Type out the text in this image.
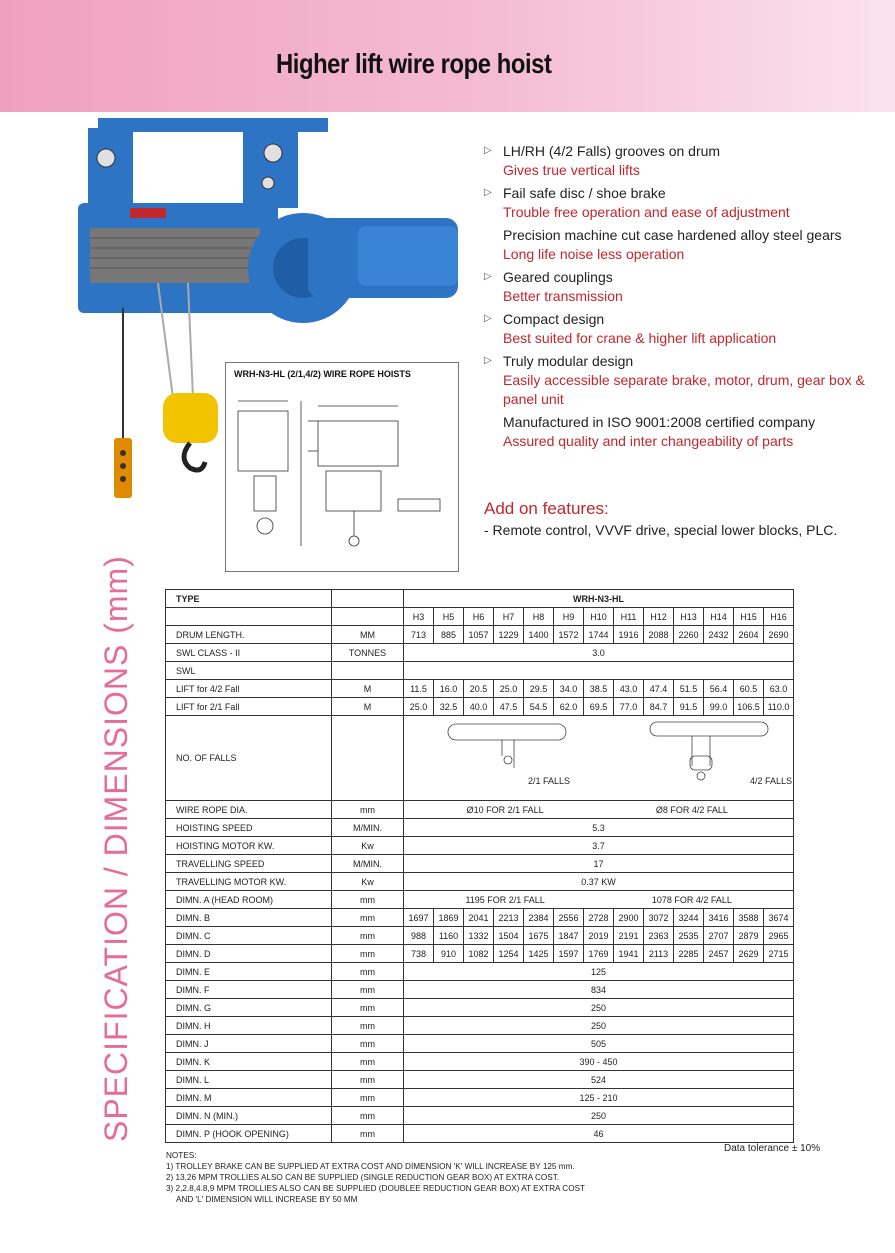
Higher lift wire rope hoist
WRH-N3-HL (2/1,4/2) WIRE ROPE HOISTS
▷ LH/RH (4/2 Falls) grooves on drum
Gives true vertical lifts
▷ Fail safe disc / shoe brake
Trouble free operation and ease of adjustment
Precision machine cut case hardened alloy steel gears
Long life noise less operation
▷ Geared couplings
Better transmission
▷ Compact design
Best suited for crane & higher lift application
▷ Truly modular design
Easily accessible separate brake, motor, drum, gear box & panel unit
Manufactured in ISO 9001:2008 certified company
Assured quality and inter changeability of parts
Add on features:
- Remote control, VVVF drive, special lower blocks, PLC.
SPECIFICATION / DIMENSIONS (mm)	TYPE		WRH-N3-HL												
		H3	H5	H6	H7	H8	H9	H10	H11	H12	H13	H14	H15	H16
DRUM LENGTH.	MM	713	885	1057	1229	1400	1572	1744	1916	2088	2260	2432	2604	2690
SWL CLASS - II	TONNES	3.0												
SWL														
LIFT for 4/2 Fall	M	11.5	16.0	20.5	25.0	29.5	34.0	38.5	43.0	47.4	51.5	56.4	60.5	63.0
LIFT for 2/1 Fall	M	25.0	32.5	40.0	47.5	54.5	62.0	69.5	77.0	84.7	91.5	99.0	106.5	110.0
NO. OF FALLS		2/1 FALLS 4/2 FALLS												

WIRE ROPE DIA.	mm	Ø10 FOR 2/1 FALL Ø8 FOR 4/2 FALL												
HOISTING SPEED	M/MIN.	5.3												
HOISTING MOTOR KW.	Kw	3.7												
TRAVELLING SPEED	M/MIN.	17												
TRAVELLING MOTOR KW.	Kw	0.37 KW												
DIMN. A (HEAD ROOM)	mm	1195 FOR 2/1 FALL 1078 FOR 4/2 FALL												
DIMN. B	mm	1697	1869	2041	2213	2384	2556	2728	2900	3072	3244	3416	3588	3674
DIMN. C	mm	988	1160	1332	1504	1675	1847	2019	2191	2363	2535	2707	2879	2965
DIMN. D	mm	738	910	1082	1254	1425	1597	1769	1941	2113	2285	2457	2629	2715
DIMN. E	mm	125												
DIMN. F	mm	834												
DIMN. G	mm	250												
DIMN. H	mm	250												
DIMN. J	mm	505												
DIMN. K	mm	390 - 450												
DIMN. L	mm	524												
DIMN. M	mm	125 - 210												
DIMN. N (MIN.)	mm	250												
DIMN. P (HOOK OPENING)	mm	46												
Data tolerance ± 10%
NOTES:
1) TROLLEY BRAKE CAN BE SUPPLIED AT EXTRA COST AND DIMENSION 'K' WILL INCREASE BY 125 mm.
2) 13,26 MPM TROLLIES ALSO CAN BE SUPPLIED (SINGLE REDUCTION GEAR BOX) AT EXTRA COST.
3) 2,2.8,4.8,9 MPM TROLLIES ALSO CAN BE SUPPLIED (DOUBLEE REDUCTION GEAR BOX) AT EXTRA COST
AND 'L' DIMENSION WILL INCREASE BY 50 MM
